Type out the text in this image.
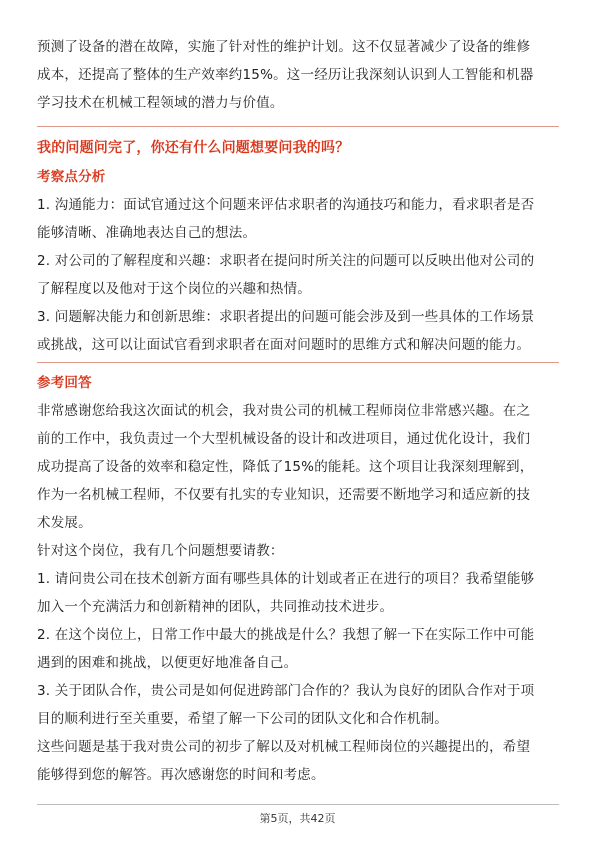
预测了设备的潜在故障，实施了针对性的维护计划。这不仅显著减少了设备的维修
成本，还提高了整体的生产效率约15%。这一经历让我深刻认识到人工智能和机器
学习技术在机械工程领域的潜力与价值。
我的问题问完了，你还有什么问题想要问我的吗？
考察点分析
1. 沟通能力：面试官通过这个问题来评估求职者的沟通技巧和能力，看求职者是否
能够清晰、准确地表达自己的想法。
2. 对公司的了解程度和兴趣：求职者在提问时所关注的问题可以反映出他对公司的
了解程度以及他对于这个岗位的兴趣和热情。
3. 问题解决能力和创新思维：求职者提出的问题可能会涉及到一些具体的工作场景
或挑战，这可以让面试官看到求职者在面对问题时的思维方式和解决问题的能力。
参考回答
非常感谢您给我这次面试的机会，我对贵公司的机械工程师岗位非常感兴趣。在之
前的工作中，我负责过一个大型机械设备的设计和改进项目，通过优化设计，我们
成功提高了设备的效率和稳定性，降低了15%的能耗。这个项目让我深刻理解到，
作为一名机械工程师，不仅要有扎实的专业知识，还需要不断地学习和适应新的技
术发展。
针对这个岗位，我有几个问题想要请教：
1. 请问贵公司在技术创新方面有哪些具体的计划或者正在进行的项目？我希望能够
加入一个充满活力和创新精神的团队，共同推动技术进步。
2. 在这个岗位上，日常工作中最大的挑战是什么？我想了解一下在实际工作中可能
遇到的困难和挑战，以便更好地准备自己。
3. 关于团队合作，贵公司是如何促进跨部门合作的？我认为良好的团队合作对于项
目的顺利进行至关重要，希望了解一下公司的团队文化和合作机制。
这些问题是基于我对贵公司的初步了解以及对机械工程师岗位的兴趣提出的，希望
能够得到您的解答。再次感谢您的时间和考虑。
第5页，共42页
